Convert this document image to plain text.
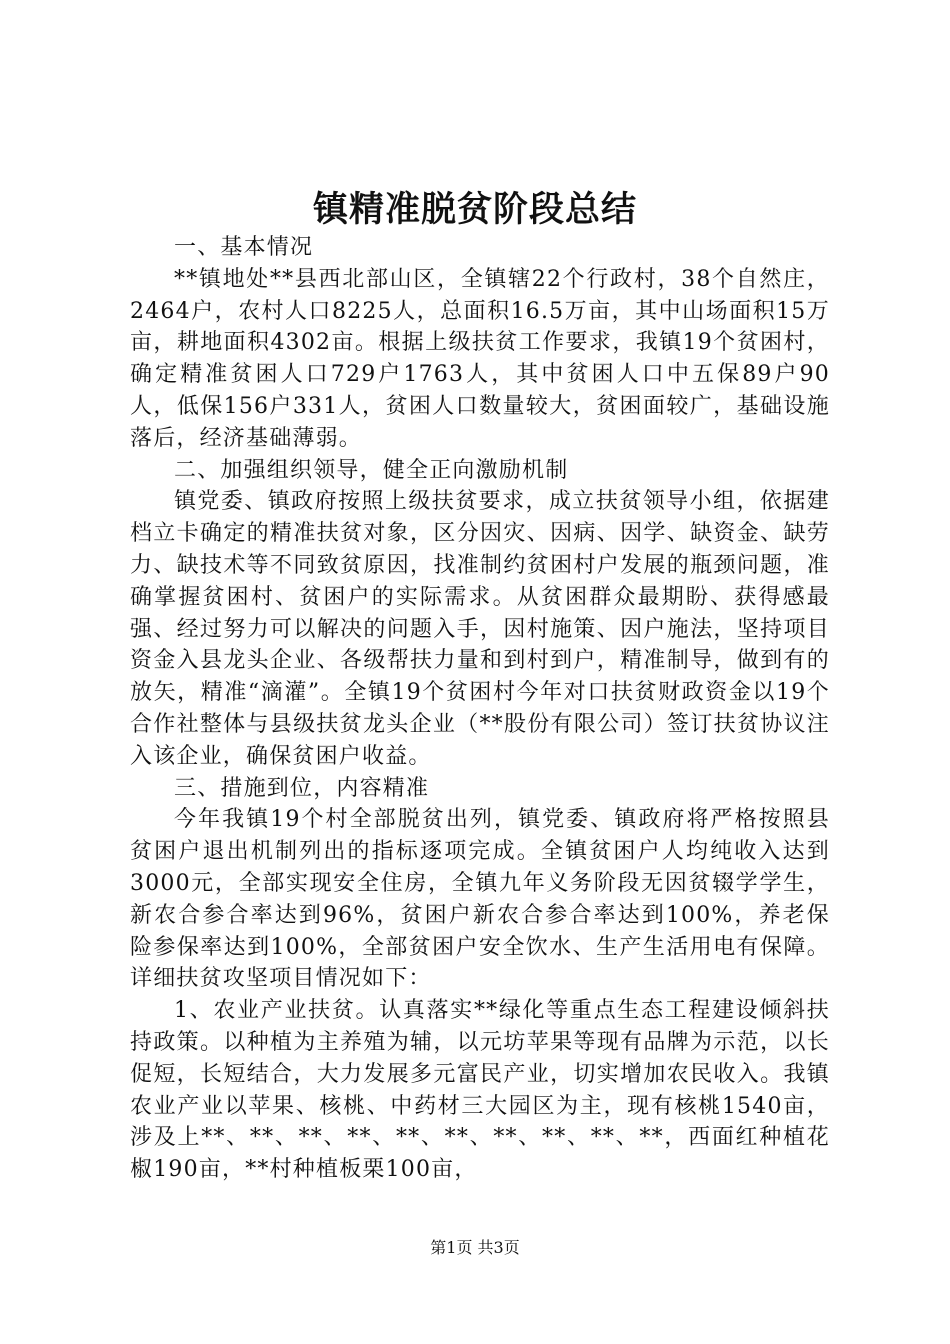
镇精准脱贫阶段总结

一、基本情况

**镇地处**县西北部山区，全镇辖22个行政村，38个自然庄，2464户，农村人口8225人，总面积16.5万亩，其中山场面积15万亩，耕地面积4302亩。根据上级扶贫工作要求，我镇19个贫困村，确定精准贫困人口729户1763人，其中贫困人口中五保89户90人，低保156户331人，贫困人口数量较大，贫困面较广，基础设施落后，经济基础薄弱。

二、加强组织领导，健全正向激励机制

镇党委、镇政府按照上级扶贫要求，成立扶贫领导小组，依据建档立卡确定的精准扶贫对象，区分因灾、因病、因学、缺资金、缺劳力、缺技术等不同致贫原因，找准制约贫困村户发展的瓶颈问题，准确掌握贫困村、贫困户的实际需求。从贫困群众最期盼、获得感最强、经过努力可以解决的问题入手，因村施策、因户施法，坚持项目资金入县龙头企业、各级帮扶力量和到村到户，精准制导，做到有的放矢，精准“滴灌”。全镇19个贫困村今年对口扶贫财政资金以19个合作社整体与县级扶贫龙头企业（**股份有限公司）签订扶贫协议注入该企业，确保贫困户收益。

三、措施到位，内容精准

今年我镇19个村全部脱贫出列，镇党委、镇政府将严格按照县贫困户退出机制列出的指标逐项完成。全镇贫困户人均纯收入达到3000元，全部实现安全住房，全镇九年义务阶段无因贫辍学学生，新农合参合率达到96%，贫困户新农合参合率达到100%，养老保险参保率达到100%，全部贫困户安全饮水、生产生活用电有保障。详细扶贫攻坚项目情况如下：

1、农业产业扶贫。认真落实**绿化等重点生态工程建设倾斜扶持政策。以种植为主养殖为辅，以元坊苹果等现有品牌为示范，以长促短，长短结合，大力发展多元富民产业，切实增加农民收入。我镇农业产业以苹果、核桃、中药材三大园区为主，现有核桃1540亩，涉及上**、**、**、**、**、**、**、**、**、**，西面红种植花椒190亩，**村种植板栗100亩，

第1页 共3页
